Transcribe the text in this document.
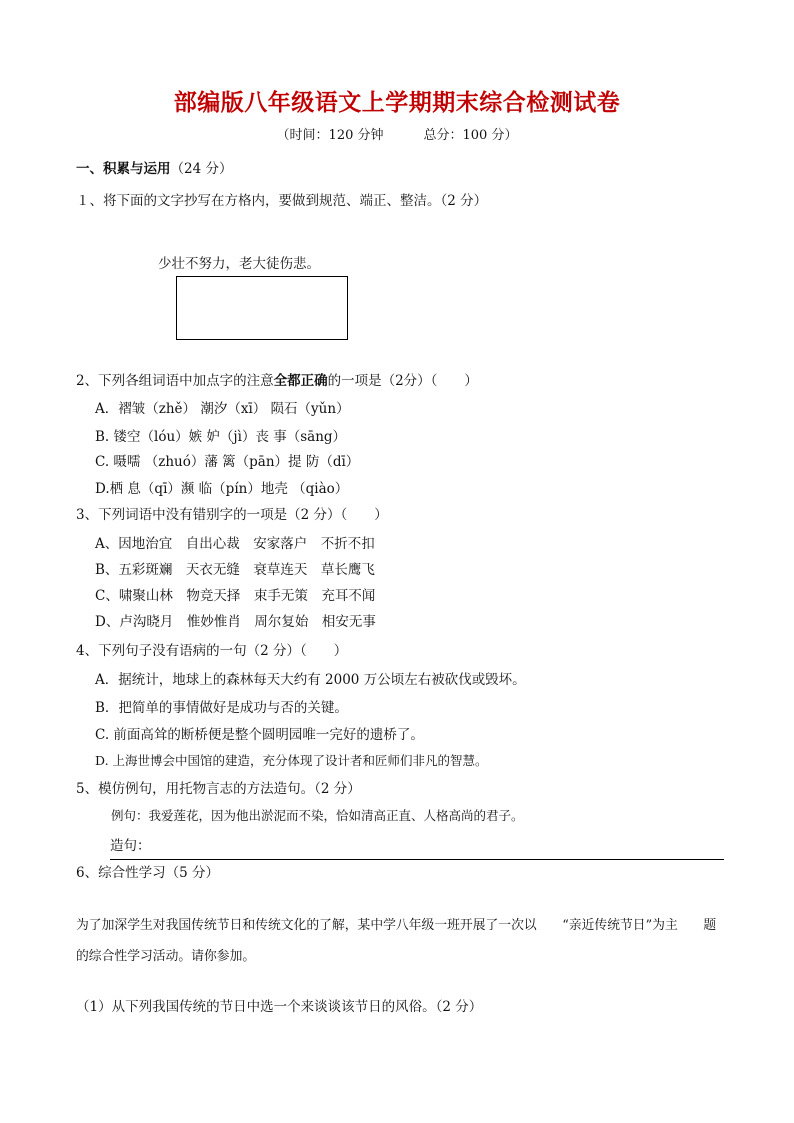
部编版八年级语文上学期期末综合检测试卷
（时间：120 分钟	总分：100 分）
一、积累与运用（24 分）
１、将下面的文字抄写在方格内，要做到规范、端正、整洁。（2 分）
少壮不努力，老大徒伤悲。
2、下列各组词语中加点字的注意全都正确的一项是（2分）（　　）
A．褶皱（zhě） 潮汐（xī） 陨石（yǔn）
B. 镂空（lóu）嫉 妒（jì）丧 事（sāng）
C. 嗫嚅 （zhuó）藩 篱（pān）提 防（dī）
D.栖 息（qī）濒 临（pín）地壳 （qiào）
3、下列词语中没有错别字的一项是（2 分）（　　）
A、因地治宜　自出心裁　安家落户　不折不扣
B、五彩斑斓　天衣无缝　衰草连天　草长鹰飞
C、啸聚山林　物竞天择　束手无策　充耳不闻
D、卢沟晓月　惟妙惟肖　周尔复始　相安无事
4、下列句子没有语病的一句（2 分）（　　）
A．据统计，地球上的森林每天大约有 2000 万公顷左右被砍伐或毁坏。
B．把简单的事情做好是成功与否的关键。
C. 前面高耸的断桥便是整个圆明园唯一完好的遗桥了。
D. 上海世博会中国馆的建造，充分体现了设计者和匠师们非凡的智慧。
5、模仿例句，用托物言志的方法造句。（2 分）
例句：我爱莲花，因为他出淤泥而不染，恰如清高正直、人格高尚的君子。
造句：
6、综合性学习（5 分）
为了加深学生对我国传统节日和传统文化的了解，某中学八年级一班开展了一次以　　“亲近传统节日”为主　　题
的综合性学习活动。请你参加。
（1）从下列我国传统的节日中选一个来谈谈该节日的风俗。（2 分）
